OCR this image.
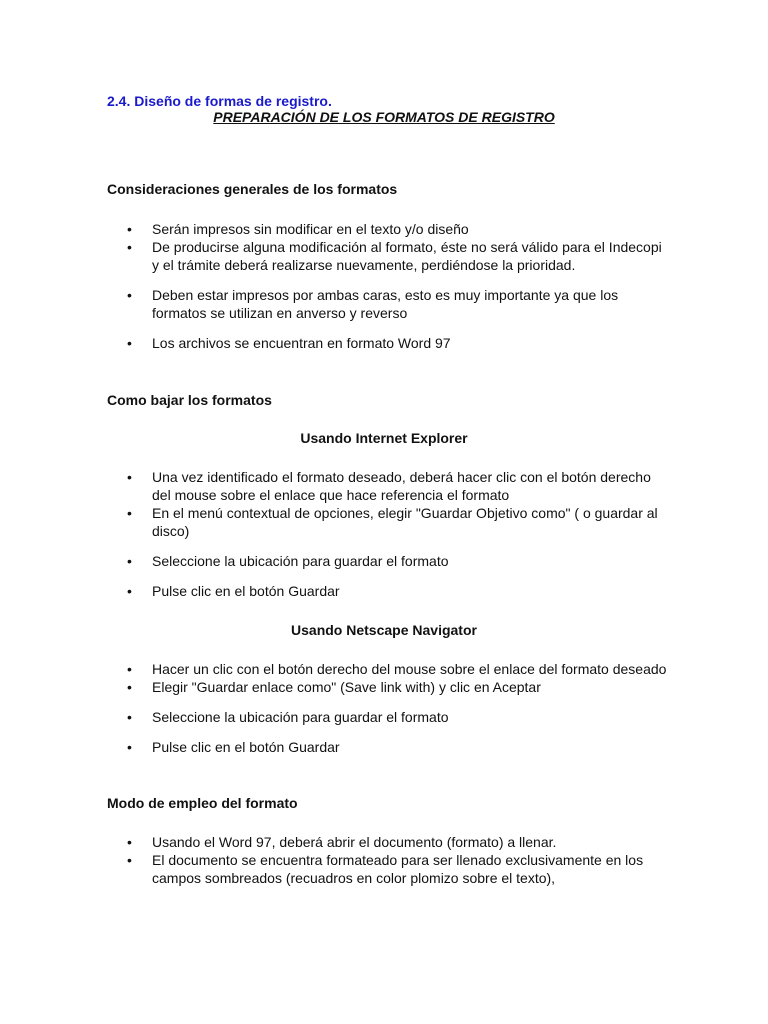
2.4. Diseño de formas de registro.
PREPARACIÓN DE LOS FORMATOS DE REGISTRO
Consideraciones generales de los formatos
• Serán impresos sin modificar en el texto y/o diseño
• De producirse alguna modificación al formato, éste no será válido para el Indecopi y el trámite deberá realizarse nuevamente, perdiéndose la prioridad.
• Deben estar impresos por ambas caras, esto es muy importante ya que los formatos se utilizan en anverso y reverso
• Los archivos se encuentran en formato Word 97
Como bajar los formatos
Usando Internet Explorer
• Una vez identificado el formato deseado, deberá hacer clic con el botón derecho del mouse sobre el enlace que hace referencia el formato
• En el menú contextual de opciones, elegir "Guardar Objetivo como" ( o guardar al disco)
• Seleccione la ubicación para guardar el formato
• Pulse clic en el botón Guardar
Usando Netscape Navigator
• Hacer un clic con el botón derecho del mouse sobre el enlace del formato deseado
• Elegir "Guardar enlace como" (Save link with) y clic en Aceptar
• Seleccione la ubicación para guardar el formato
• Pulse clic en el botón Guardar
Modo de empleo del formato
• Usando el Word 97, deberá abrir el documento (formato) a llenar.
• El documento se encuentra formateado para ser llenado exclusivamente en los campos sombreados (recuadros en color plomizo sobre el texto),
